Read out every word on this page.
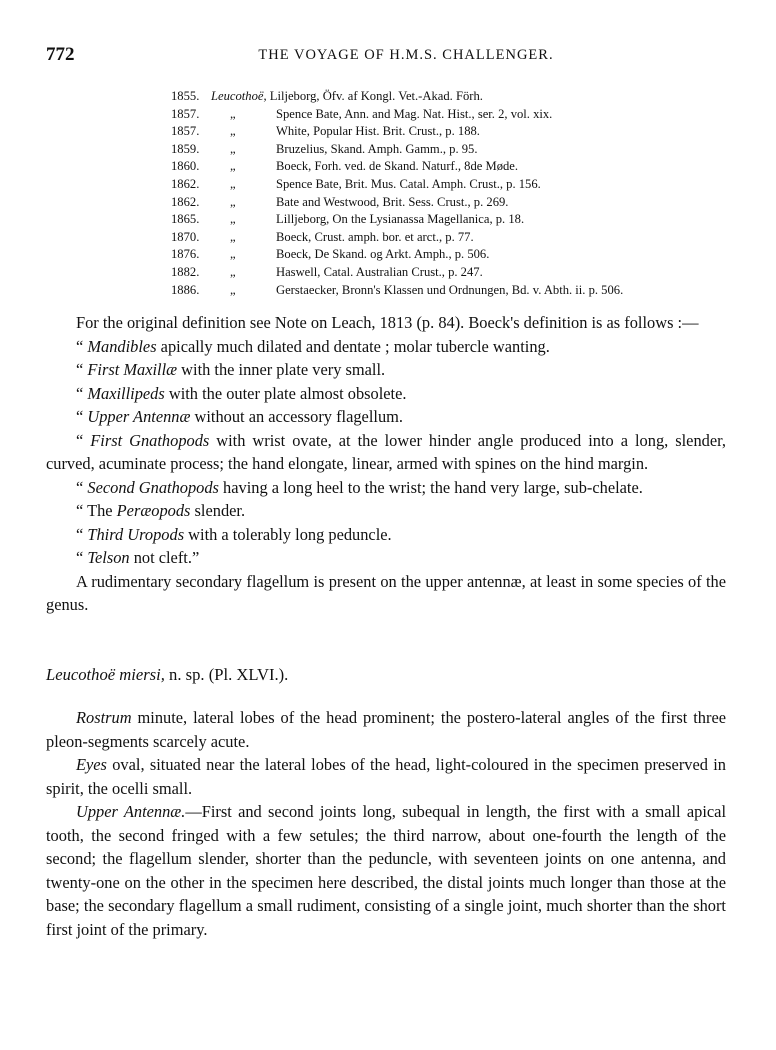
772	THE VOYAGE OF H.M.S. CHALLENGER.
1855. Leucothoë, Liljeborg, Öfv. af Kongl. Vet.-Akad. Förh.
1857.	„	Spence Bate, Ann. and Mag. Nat. Hist., ser. 2, vol. xix.
1857.	„	White, Popular Hist. Brit. Crust., p. 188.
1859.	„	Bruzelius, Skand. Amph. Gamm., p. 95.
1860.	„	Boeck, Forh. ved. de Skand. Naturf., 8de Møde.
1862.	„	Spence Bate, Brit. Mus. Catal. Amph. Crust., p. 156.
1862.	„	Bate and Westwood, Brit. Sess. Crust., p. 269.
1865.	„	Lilljeborg, On the Lysianassa Magellanica, p. 18.
1870.	„	Boeck, Crust. amph. bor. et arct., p. 77.
1876.	„	Boeck, De Skand. og Arkt. Amph., p. 506.
1882.	„	Haswell, Catal. Australian Crust., p. 247.
1886.	„	Gerstaecker, Bronn's Klassen und Ordnungen, Bd. v. Abth. ii. p. 506.

For the original definition see Note on Leach, 1813 (p. 84). Boeck's definition is as follows :—

“ Mandibles apically much dilated and dentate ; molar tubercle wanting.
“ First Maxillæ with the inner plate very small.
“ Maxillipeds with the outer plate almost obsolete.
“ Upper Antennæ without an accessory flagellum.
“ First Gnathopods with wrist ovate, at the lower hinder angle produced into a long, slender, curved, acuminate process; the hand elongate, linear, armed with spines on the hind margin.
“ Second Gnathopods having a long heel to the wrist; the hand very large, sub-chelate.
“ The Peræopods slender.
“ Third Uropods with a tolerably long peduncle.
“ Telson not cleft.”

A rudimentary secondary flagellum is present on the upper antennæ, at least in some species of the genus.

Leucothoë miersi, n. sp. (Pl. XLVI.).

Rostrum minute, lateral lobes of the head prominent; the postero-lateral angles of the first three pleon-segments scarcely acute.

Eyes oval, situated near the lateral lobes of the head, light-coloured in the specimen preserved in spirit, the ocelli small.

Upper Antennæ.—First and second joints long, subequal in length, the first with a small apical tooth, the second fringed with a few setules; the third narrow, about one-fourth the length of the second; the flagellum slender, shorter than the peduncle, with seventeen joints on one antenna, and twenty-one on the other in the specimen here described, the distal joints much longer than those at the base; the secondary flagellum a small rudiment, consisting of a single joint, much shorter than the short first joint of the primary.
